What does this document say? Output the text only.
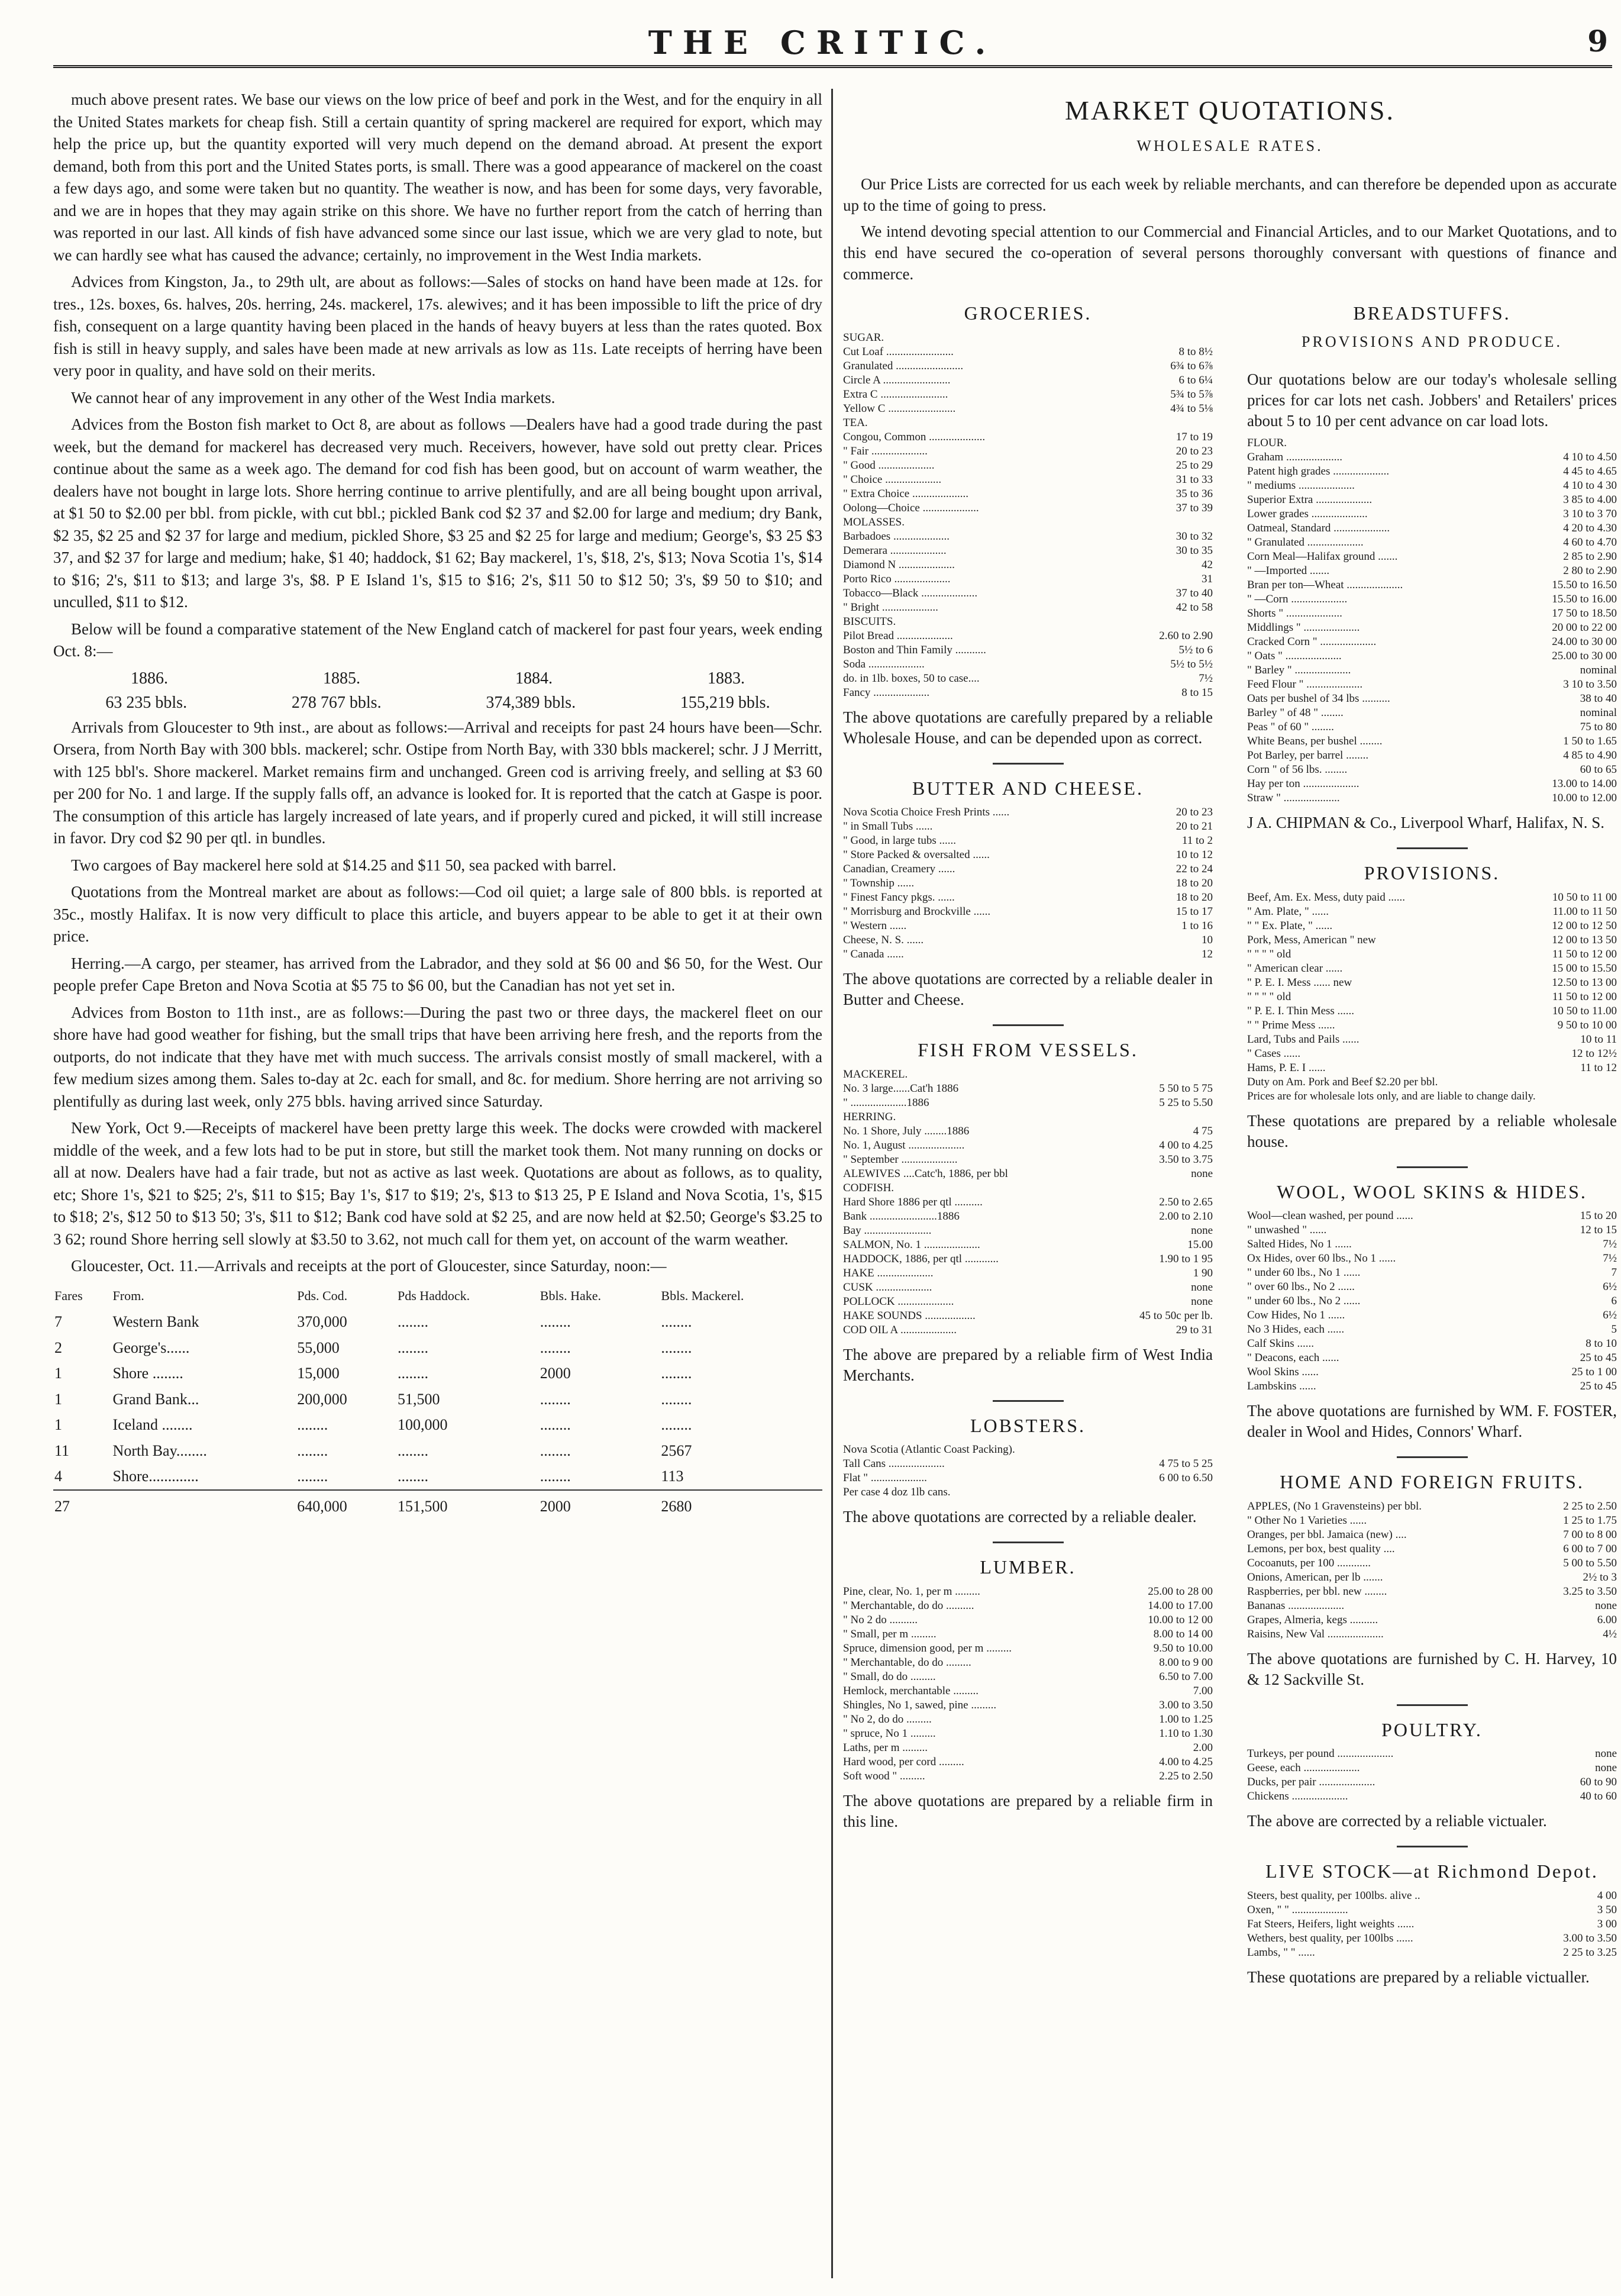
THE CRITIC.	9

much above present rates. We base our views on the low price of beef and pork in the West, and for the enquiry in all the United States markets for cheap fish. Still a certain quantity of spring mackerel are required for export, which may help the price up, but the quantity exported will very much depend on the demand abroad. At present the export demand, both from this port and the United States ports, is small. There was a good appearance of mackerel on the coast a few days ago, and some were taken but no quantity. The weather is now, and has been for some days, very favorable, and we are in hopes that they may again strike on this shore. We have no further report from the catch of herring than was reported in our last. All kinds of fish have advanced some since our last issue, which we are very glad to note, but we can hardly see what has caused the advance; certainly, no improvement in the West India markets.

Advices from Kingston, Ja., to 29th ult, are about as follows:—Sales of stocks on hand have been made at 12s. for tres., 12s. boxes, 6s. halves, 20s. herring, 24s. mackerel, 17s. alewives; and it has been impossible to lift the price of dry fish, consequent on a large quantity having been placed in the hands of heavy buyers at less than the rates quoted. Box fish is still in heavy supply, and sales have been made at new arrivals as low as 11s. Late receipts of herring have been very poor in quality, and have sold on their merits.

We cannot hear of any improvement in any other of the West India markets.

Advices from the Boston fish market to Oct 8, are about as follows —Dealers have had a good trade during the past week, but the demand for mackerel has decreased very much. Receivers, however, have sold out pretty clear. Prices continue about the same as a week ago. The demand for cod fish has been good, but on account of warm weather, the dealers have not bought in large lots. Shore herring continue to arrive plentifully, and are all being bought upon arrival, at $1 50 to $2.00 per bbl. from pickle, with cut bbl.; pickled Bank cod $2 37 and $2.00 for large and medium; dry Bank, $2 35, $2 25 and $2 37 for large and medium, pickled Shore, $3 25 and $2 25 for large and medium; George's, $3 25 $3 37, and $2 37 for large and medium; hake, $1 40; haddock, $1 62; Bay mackerel, 1's, $18, 2's, $13; Nova Scotia 1's, $14 to $16; 2's, $11 to $13; and large 3's, $8. P E Island 1's, $15 to $16; 2's, $11 50 to $12 50; 3's, $9 50 to $10; and unculled, $11 to $12.

Below will be found a comparative statement of the New England catch of mackerel for past four years, week ending Oct. 8:—

1886.	1885.	1884.	1883.
63 235 bbls.	278 767 bbls.	374,389 bbls.	155,219 bbls.

Arrivals from Gloucester to 9th inst., are about as follows:—Arrival and receipts for past 24 hours have been—Schr. Orsera, from North Bay with 300 bbls. mackerel; schr. Ostipe from North Bay, with 330 bbls mackerel; schr. J J Merritt, with 125 bbl's. Shore mackerel. Market remains firm and unchanged. Green cod is arriving freely, and selling at $3 60 per 200 for No. 1 and large. If the supply falls off, an advance is looked for. It is reported that the catch at Gaspe is poor. The consumption of this article has largely increased of late years, and if properly cured and picked, it will still increase in favor. Dry cod $2 90 per qtl. in bundles.

Two cargoes of Bay mackerel here sold at $14.25 and $11 50, sea packed with barrel.

Quotations from the Montreal market are about as follows:—Cod oil quiet; a large sale of 800 bbls. is reported at 35c., mostly Halifax. It is now very difficult to place this article, and buyers appear to be able to get it at their own price.

Herring.—A cargo, per steamer, has arrived from the Labrador, and they sold at $6 00 and $6 50, for the West. Our people prefer Cape Breton and Nova Scotia at $5 75 to $6 00, but the Canadian has not yet set in.

Advices from Boston to 11th inst., are as follows:—During the past two or three days, the mackerel fleet on our shore have had good weather for fishing, but the small trips that have been arriving here fresh, and the reports from the outports, do not indicate that they have met with much success. The arrivals consist mostly of small mackerel, with a few medium sizes among them. Sales to-day at 2c. each for small, and 8c. for medium. Shore herring are not arriving so plentifully as during last week, only 275 bbls. having arrived since Saturday.

New York, Oct 9.—Receipts of mackerel have been pretty large this week. The docks were crowded with mackerel middle of the week, and a few lots had to be put in store, but still the market took them. Not many running on docks or all at now. Dealers have had a fair trade, but not as active as last week. Quotations are about as follows, as to quality, etc; Shore 1's, $21 to $25; 2's, $11 to $15; Bay 1's, $17 to $19; 2's, $13 to $13 25, P E Island and Nova Scotia, 1's, $15 to $18; 2's, $12 50 to $13 50; 3's, $11 to $12; Bank cod have sold at $2 25, and are now held at $2.50; George's $3.25 to 3 62; round Shore herring sell slowly at $3.50 to 3.62, not much call for them yet, on account of the warm weather.

Gloucester, Oct. 11.—Arrivals and receipts at the port of Gloucester, since Saturday, noon:—

Fares	From.	Pds. Cod.	Pds Haddock.	Bbls. Hake.	Bbls. Mackerel.
7	Western Bank	370,000	........	........	........
2	George's......	55,000	........	........	........
1	Shore ........	15,000	........	2000	........
1	Grand Bank...	200,000	51,500	........	........
1	Iceland ........	........	100,000	........	........
11	North Bay........	........	........	........	2567
4	Shore.............	........	........	........	113
27		640,000	151,500	2000	2680
MARKET QUOTATIONS.
WHOLESALE RATES.

Our Price Lists are corrected for us each week by reliable merchants, and can therefore be depended upon as accurate up to the time of going to press.

We intend devoting special attention to our Commercial and Financial Articles, and to our Market Quotations, and to this end have secured the co-operation of several persons thoroughly conversant with questions of finance and commerce.

GROCERIES.
SUGAR.
Cut Loaf ........................	8 to 8½
Granulated ........................	6¾ to 6⅞
Circle A ........................	6 to 6¼
Extra C ........................	5¾ to 5⅞
Yellow C ........................	4¾ to 5⅛
TEA.
Congou, Common ....................	17 to 19
" Fair ....................	20 to 23
" Good ....................	25 to 29
" Choice ....................	31 to 33
" Extra Choice ....................	35 to 36
Oolong—Choice ....................	37 to 39
MOLASSES.
Barbadoes ....................	30 to 32
Demerara ....................	30 to 35
Diamond N ....................	42
Porto Rico ....................	31
Tobacco—Black ....................	37 to 40
" Bright ....................	42 to 58
BISCUITS.
Pilot Bread ....................	2.60 to 2.90
Boston and Thin Family ...........	5½ to 6
Soda ....................	5½ to 5½
do. in 1lb. boxes, 50 to case....	7½
Fancy ....................	8 to 15
The above quotations are carefully prepared by a reliable Wholesale House, and can be depended upon as correct.
BUTTER AND CHEESE.
Nova Scotia Choice Fresh Prints ......	20 to 23
" in Small Tubs ......	20 to 21
" Good, in large tubs ......	11 to 2
" Store Packed & oversalted ......	10 to 12
Canadian, Creamery ......	22 to 24
" Township ......	18 to 20
" Finest Fancy pkgs. ......	18 to 20
" Morrisburg and Brockville ......	15 to 17
" Western ......	1 to 16
Cheese, N. S. ......	10
" Canada ......	12
The above quotations are corrected by a reliable dealer in Butter and Cheese.
FISH FROM VESSELS.
MACKEREL.
No. 3 large......Cat'h 1886	5 50 to 5 75
" ....................1886	5 25 to 5.50
HERRING.
No. 1 Shore, July ........1886	4 75
No. 1, August ....................	4 00 to 4.25
" September ....................	3.50 to 3.75
ALEWIVES ....Catc'h, 1886, per bbl	none
CODFISH.
Hard Shore 1886 per qtl ..........	2.50 to 2.65
Bank ........................1886	2.00 to 2.10
Bay ........................	none
SALMON, No. 1 ....................	15.00
HADDOCK, 1886, per qtl ............	1.90 to 1 95
HAKE ....................	1 90
CUSK ....................	none
POLLOCK ....................	none
HAKE SOUNDS ..................	45 to 50c per lb.
COD OIL A ....................	29 to 31
The above are prepared by a reliable firm of West India Merchants.
LOBSTERS.
Nova Scotia (Atlantic Coast Packing).
Tall Cans ....................	4 75 to 5 25
Flat " ....................	6 00 to 6.50
Per case 4 doz 1lb cans.
The above quotations are corrected by a reliable dealer.
LUMBER.
Pine, clear, No. 1, per m .........	25.00 to 28 00
" Merchantable, do do ..........	14.00 to 17.00
" No 2 do ..........	10.00 to 12 00
" Small, per m .........	8.00 to 14 00
Spruce, dimension good, per m .........	9.50 to 10.00
" Merchantable, do do .........	8.00 to 9 00
" Small, do do .........	6.50 to 7.00
Hemlock, merchantable .........	7.00
Shingles, No 1, sawed, pine .........	3.00 to 3.50
" No 2, do do .........	1.00 to 1.25
" spruce, No 1 .........	1.10 to 1.30
Laths, per m .........	2.00
Hard wood, per cord .........	4.00 to 4.25
Soft wood " .........	2.25 to 2.50
The above quotations are prepared by a reliable firm in this line.
BREADSTUFFS.
PROVISIONS AND PRODUCE.
Our quotations below are our today's wholesale selling prices for car lots net cash. Jobbers' and Retailers' prices about 5 to 10 per cent advance on car load lots.
FLOUR.
Graham ....................	4 10 to 4.50
Patent high grades ....................	4 45 to 4.65
" mediums ....................	4 10 to 4 30
Superior Extra ....................	3 85 to 4.00
Lower grades ....................	3 10 to 3 70
Oatmeal, Standard ....................	4 20 to 4.30
" Granulated ....................	4 60 to 4.70
Corn Meal—Halifax ground .......	2 85 to 2.90
" —Imported .......	2 80 to 2.90
Bran per ton—Wheat ....................	15.50 to 16.50
" —Corn ....................	15.50 to 16.00
Shorts " ....................	17 50 to 18.50
Middlings " ....................	20 00 to 22 00
Cracked Corn " ....................	24.00 to 30 00
" Oats " ....................	25.00 to 30 00
" Barley " ....................	nominal
Feed Flour " ....................	3 10 to 3.50
Oats per bushel of 34 lbs ..........	38 to 40
Barley " of 48 " ........	nominal
Peas " of 60 " ........	75 to 80
White Beans, per bushel ........	1 50 to 1.65
Pot Barley, per barrel ........	4 85 to 4.90
Corn " of 56 lbs. ........	60 to 65
Hay per ton ....................	13.00 to 14.00
Straw " ....................	10.00 to 12.00
J A. CHIPMAN & Co., Liverpool Wharf, Halifax, N. S.
PROVISIONS.
Beef, Am. Ex. Mess, duty paid ......	10 50 to 11 00
" Am. Plate, " ......	11.00 to 11 50
" " Ex. Plate, " ......	12 00 to 12 50
Pork, Mess, American " new	12 00 to 13 50
" " " " old	11 50 to 12 00
" American clear ......	15 00 to 15.50
" P. E. I. Mess ...... new	12.50 to 13 00
" " " " old	11 50 to 12 00
" P. E. I. Thin Mess ......	10 50 to 11.00
" " Prime Mess ......	9 50 to 10 00
Lard, Tubs and Pails ......	10 to 11
" Cases ......	12 to 12½
Hams, P. E. I ......	11 to 12
Duty on Am. Pork and Beef $2.20 per bbl.
Prices are for wholesale lots only, and are liable to change daily.
These quotations are prepared by a reliable wholesale house.
WOOL, WOOL SKINS & HIDES.
Wool—clean washed, per pound ......	15 to 20
" unwashed " ......	12 to 15
Salted Hides, No 1 ......	7½
Ox Hides, over 60 lbs., No 1 ......	7½
" under 60 lbs., No 1 ......	7
" over 60 lbs., No 2 ......	6½
" under 60 lbs., No 2 ......	6
Cow Hides, No 1 ......	6½
No 3 Hides, each ......	5
Calf Skins ......	8 to 10
" Deacons, each ......	25 to 45
Wool Skins ......	25 to 1 00
Lambskins ......	25 to 45
The above quotations are furnished by WM. F. FOSTER, dealer in Wool and Hides, Connors' Wharf.
HOME AND FOREIGN FRUITS.
APPLES, (No 1 Gravensteins) per bbl.	2 25 to 2.50
" Other No 1 Varieties ......	1 25 to 1.75
Oranges, per bbl. Jamaica (new) ....	7 00 to 8 00
Lemons, per box, best quality ....	6 00 to 7 00
Cocoanuts, per 100 ............	5 00 to 5.50
Onions, American, per lb .......	2½ to 3
Raspberries, per bbl. new ........	3.25 to 3.50
Bananas ....................	none
Grapes, Almeria, kegs ..........	6.00
Raisins, New Val ....................	4½
The above quotations are furnished by C. H. Harvey, 10 & 12 Sackville St.
POULTRY.
Turkeys, per pound ....................	none
Geese, each ....................	none
Ducks, per pair ....................	60 to 90
Chickens ....................	40 to 60
The above are corrected by a reliable victualer.
LIVE STOCK—at Richmond Depot.
Steers, best quality, per 100lbs. alive ..	4 00
Oxen, " " ....................	3 50
Fat Steers, Heifers, light weights ......	3 00
Wethers, best quality, per 100lbs ......	3.00 to 3.50
Lambs, " " ......	2 25 to 3.25
These quotations are prepared by a reliable victualler.
